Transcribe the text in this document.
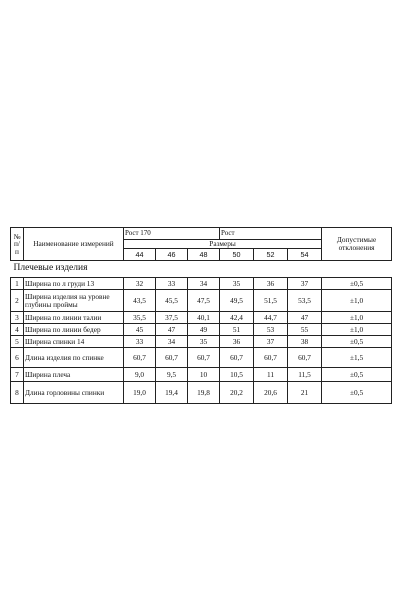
№ п/ п	Наименование измерений	Рост 170			Рост			Допустимые отклонения
		Размеры						
		44	46	48	50	52	54	
Плечевые изделия								
1	Ширина по л груди 13	32	33	34	35	36	37	±0,5
2	Ширина изделия на уровне глубины проймы	43,5	45,5	47,5	49,5	51,5	53,5	±1,0
3	Ширина по линии талии	35,5	37,5	40,1	42,4	44,7	47	±1,0
4	Ширина по линии бедер	45	47	49	51	53	55	±1,0
5	Ширина спинки 14	33	34	35	36	37	38	±0,5
6	Длина изделия по спинке	60,7	60,7	60,7	60,7	60,7	60,7	±1,5
7	Ширина плеча	9,0	9,5	10	10,5	11	11,5	±0,5
8	Длина горловины спинки	19,0	19,4	19,8	20,2	20,6	21	±0,5
